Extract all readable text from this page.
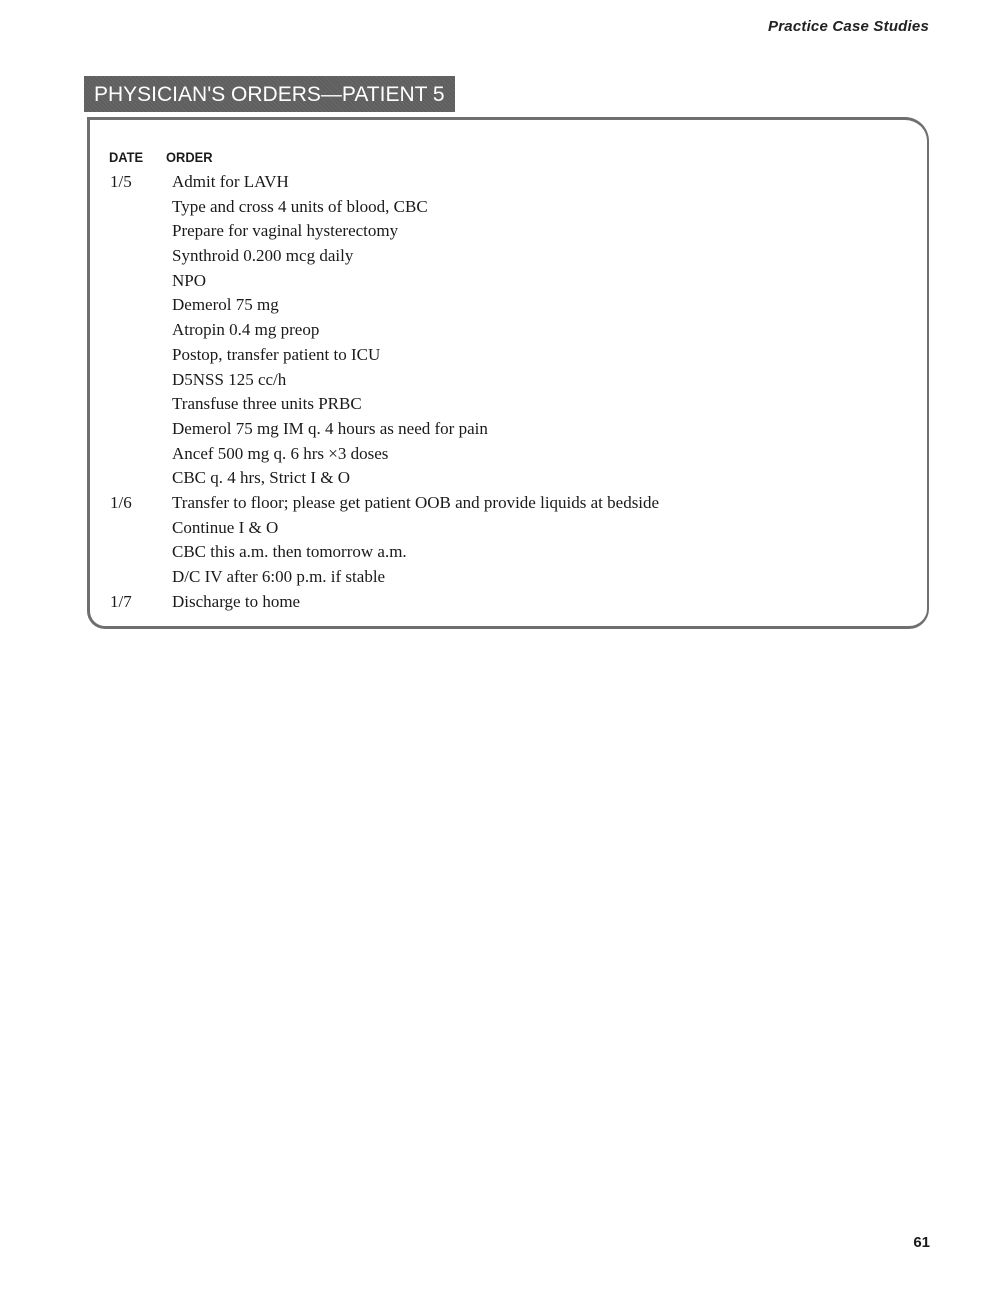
Practice Case Studies
PHYSICIAN'S ORDERS—PATIENT 5
DATE ORDER
1/5 Admit for LAVH
Type and cross 4 units of blood, CBC
Prepare for vaginal hysterectomy
Synthroid 0.200 mcg daily
NPO
Demerol 75 mg
Atropin 0.4 mg preop
Postop, transfer patient to ICU
D5NSS 125 cc/h
Transfuse three units PRBC
Demerol 75 mg IM q. 4 hours as need for pain
Ancef 500 mg q. 6 hrs ×3 doses
CBC q. 4 hrs, Strict I & O
1/6 Transfer to floor; please get patient OOB and provide liquids at bedside
Continue I & O
CBC this a.m. then tomorrow a.m.
D/C IV after 6:00 p.m. if stable
1/7 Discharge to home
61
